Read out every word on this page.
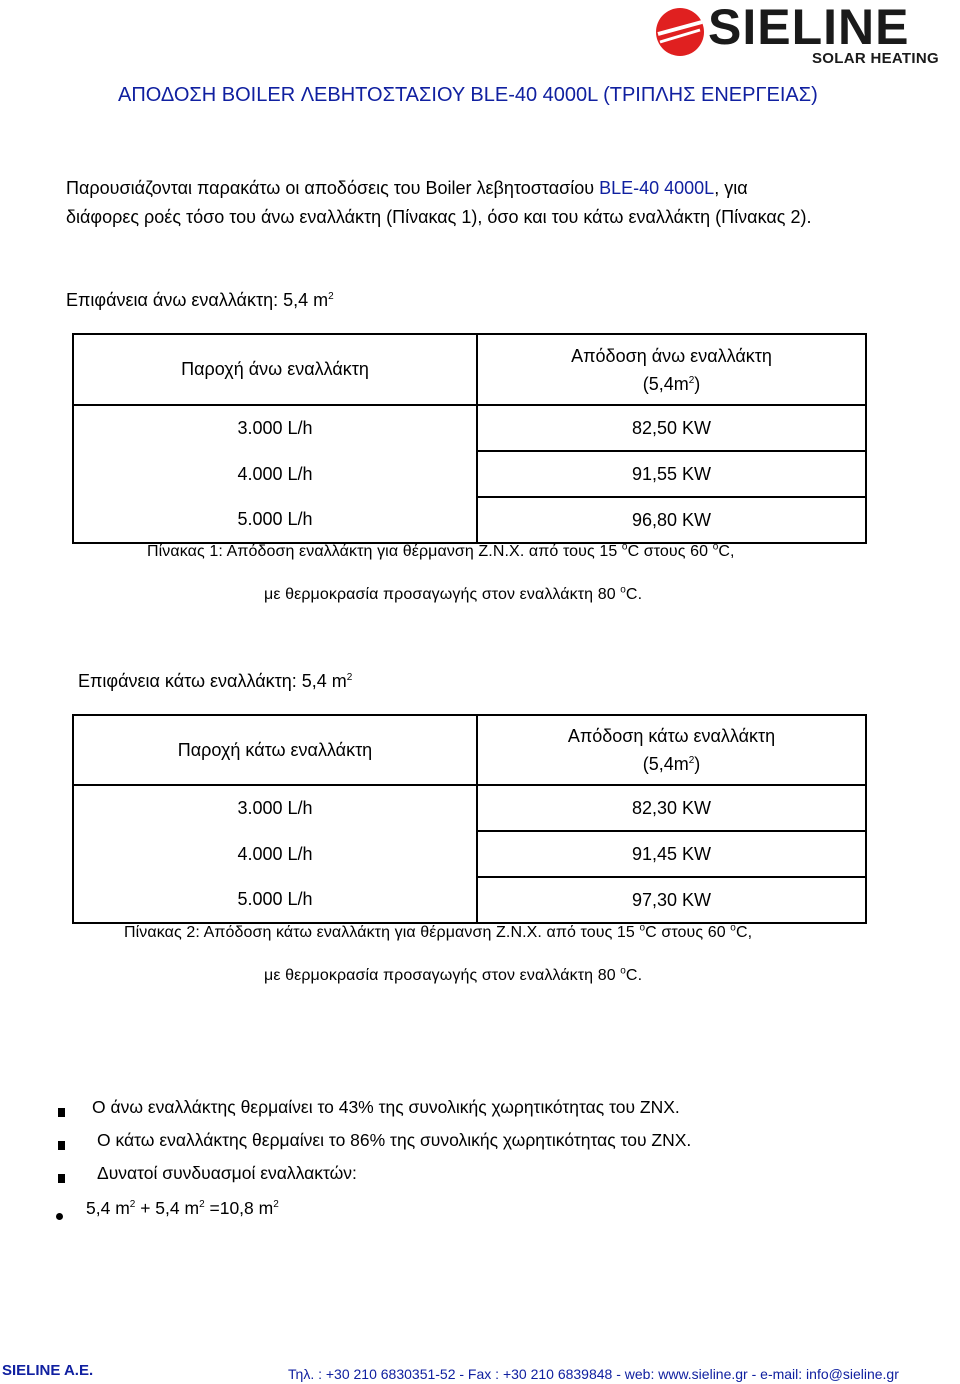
SIELINE
SOLAR HEATING
ΑΠΟΔΟΣΗ BOILER ΛΕΒΗΤΟΣΤΑΣΙΟΥ BLE-40 4000L (ΤΡΙΠΛΗΣ ΕΝΕΡΓΕΙΑΣ)
Παρουσιάζονται παρακάτω οι αποδόσεις του Boiler λεβητοστασίου BLE-40 4000L, για
διάφορες ροές τόσο του άνω εναλλάκτη (Πίνακας 1), όσο και του κάτω εναλλάκτη (Πίνακας 2).
Επιφάνεια άνω εναλλάκτη: 5,4 $m^2$
Παροχή άνω εναλλάκτη	Απόδοση άνω εναλλάκτη
$(5,4m^2)$

3.000 L/h	82,50 KW
4.000 L/h	91,55 KW
5.000 L/h	96,80 KW
Πίνακας 1: Απόδοση εναλλάκτη για θέρμανση Ζ.Ν.Χ. από τους 15 $^o$C στους 60 $^o$C,
με θερμοκρασία προσαγωγής στον εναλλάκτη 80 $^o$C.
Επιφάνεια κάτω εναλλάκτη: 5,4 $m^2$
Παροχή κάτω εναλλάκτη	Απόδοση κάτω εναλλάκτη
$(5,4m^2)$

3.000 L/h	82,30 KW
4.000 L/h	91,45 KW
5.000 L/h	97,30 KW
Πίνακας 2: Απόδοση κάτω εναλλάκτη για θέρμανση Ζ.Ν.Χ. από τους 15 $^o$C στους 60 $^o$C,
με θερμοκρασία προσαγωγής στον εναλλάκτη 80 $^o$C.
Ο άνω εναλλάκτης θερμαίνει το 43% της συνολικής χωρητικότητας του ΖΝΧ.
Ο κάτω εναλλάκτης θερμαίνει το 86% της συνολικής χωρητικότητας του ΖΝΧ.
Δυνατοί συνδυασμοί εναλλακτών:
5,4 $m^2 + 5,4$ $m^2 =10,8$ $m^2$
SIELINE A.E.	Τηλ. : +30 210 6830351-52 - Fax : +30 210 6839848 - web: www.sieline.gr - e-mail: info@sieline.gr
